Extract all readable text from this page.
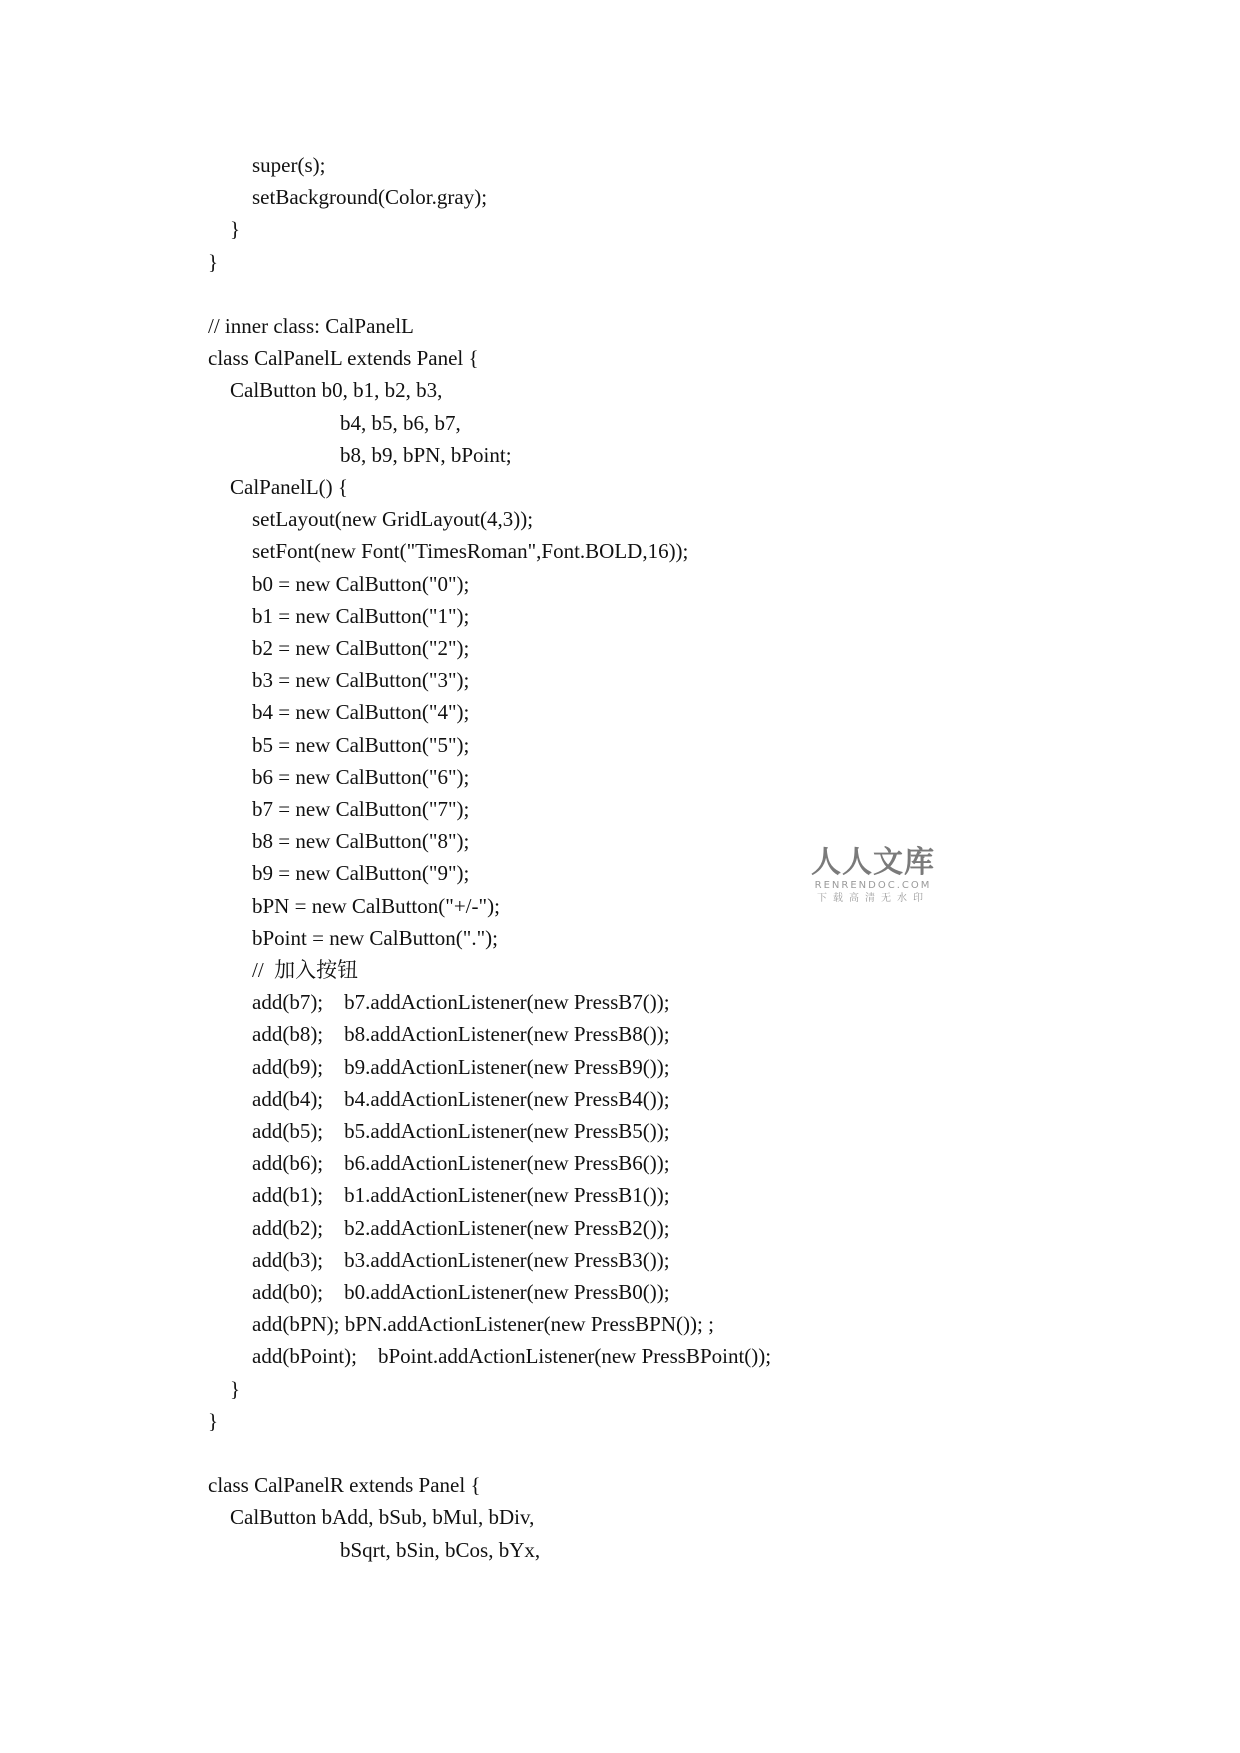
super(s);
setBackground(Color.gray);
}
}
// inner class: CalPanelL
class CalPanelL extends Panel {
CalButton b0, b1, b2, b3,
b4, b5, b6, b7,
b8, b9, bPN, bPoint;
CalPanelL() {
setLayout(new GridLayout(4,3));
setFont(new Font("TimesRoman",Font.BOLD,16));
b0 = new CalButton("0");
b1 = new CalButton("1");
b2 = new CalButton("2");
b3 = new CalButton("3");
b4 = new CalButton("4");
b5 = new CalButton("5");
b6 = new CalButton("6");
b7 = new CalButton("7");
b8 = new CalButton("8");
b9 = new CalButton("9");
bPN = new CalButton("+/-");
bPoint = new CalButton(".");
//  加入按钮
add(b7);    b7.addActionListener(new PressB7());
add(b8);    b8.addActionListener(new PressB8());
add(b9);    b9.addActionListener(new PressB9());
add(b4);    b4.addActionListener(new PressB4());
add(b5);    b5.addActionListener(new PressB5());
add(b6);    b6.addActionListener(new PressB6());
add(b1);    b1.addActionListener(new PressB1());
add(b2);    b2.addActionListener(new PressB2());
add(b3);    b3.addActionListener(new PressB3());
add(b0);    b0.addActionListener(new PressB0());
add(bPN); bPN.addActionListener(new PressBPN()); ;
add(bPoint);    bPoint.addActionListener(new PressBPoint());
}
}
class CalPanelR extends Panel {
CalButton bAdd, bSub, bMul, bDiv,
bSqrt, bSin, bCos, bYx,
人人文库
RENRENDOC.COM
下载高清无水印
